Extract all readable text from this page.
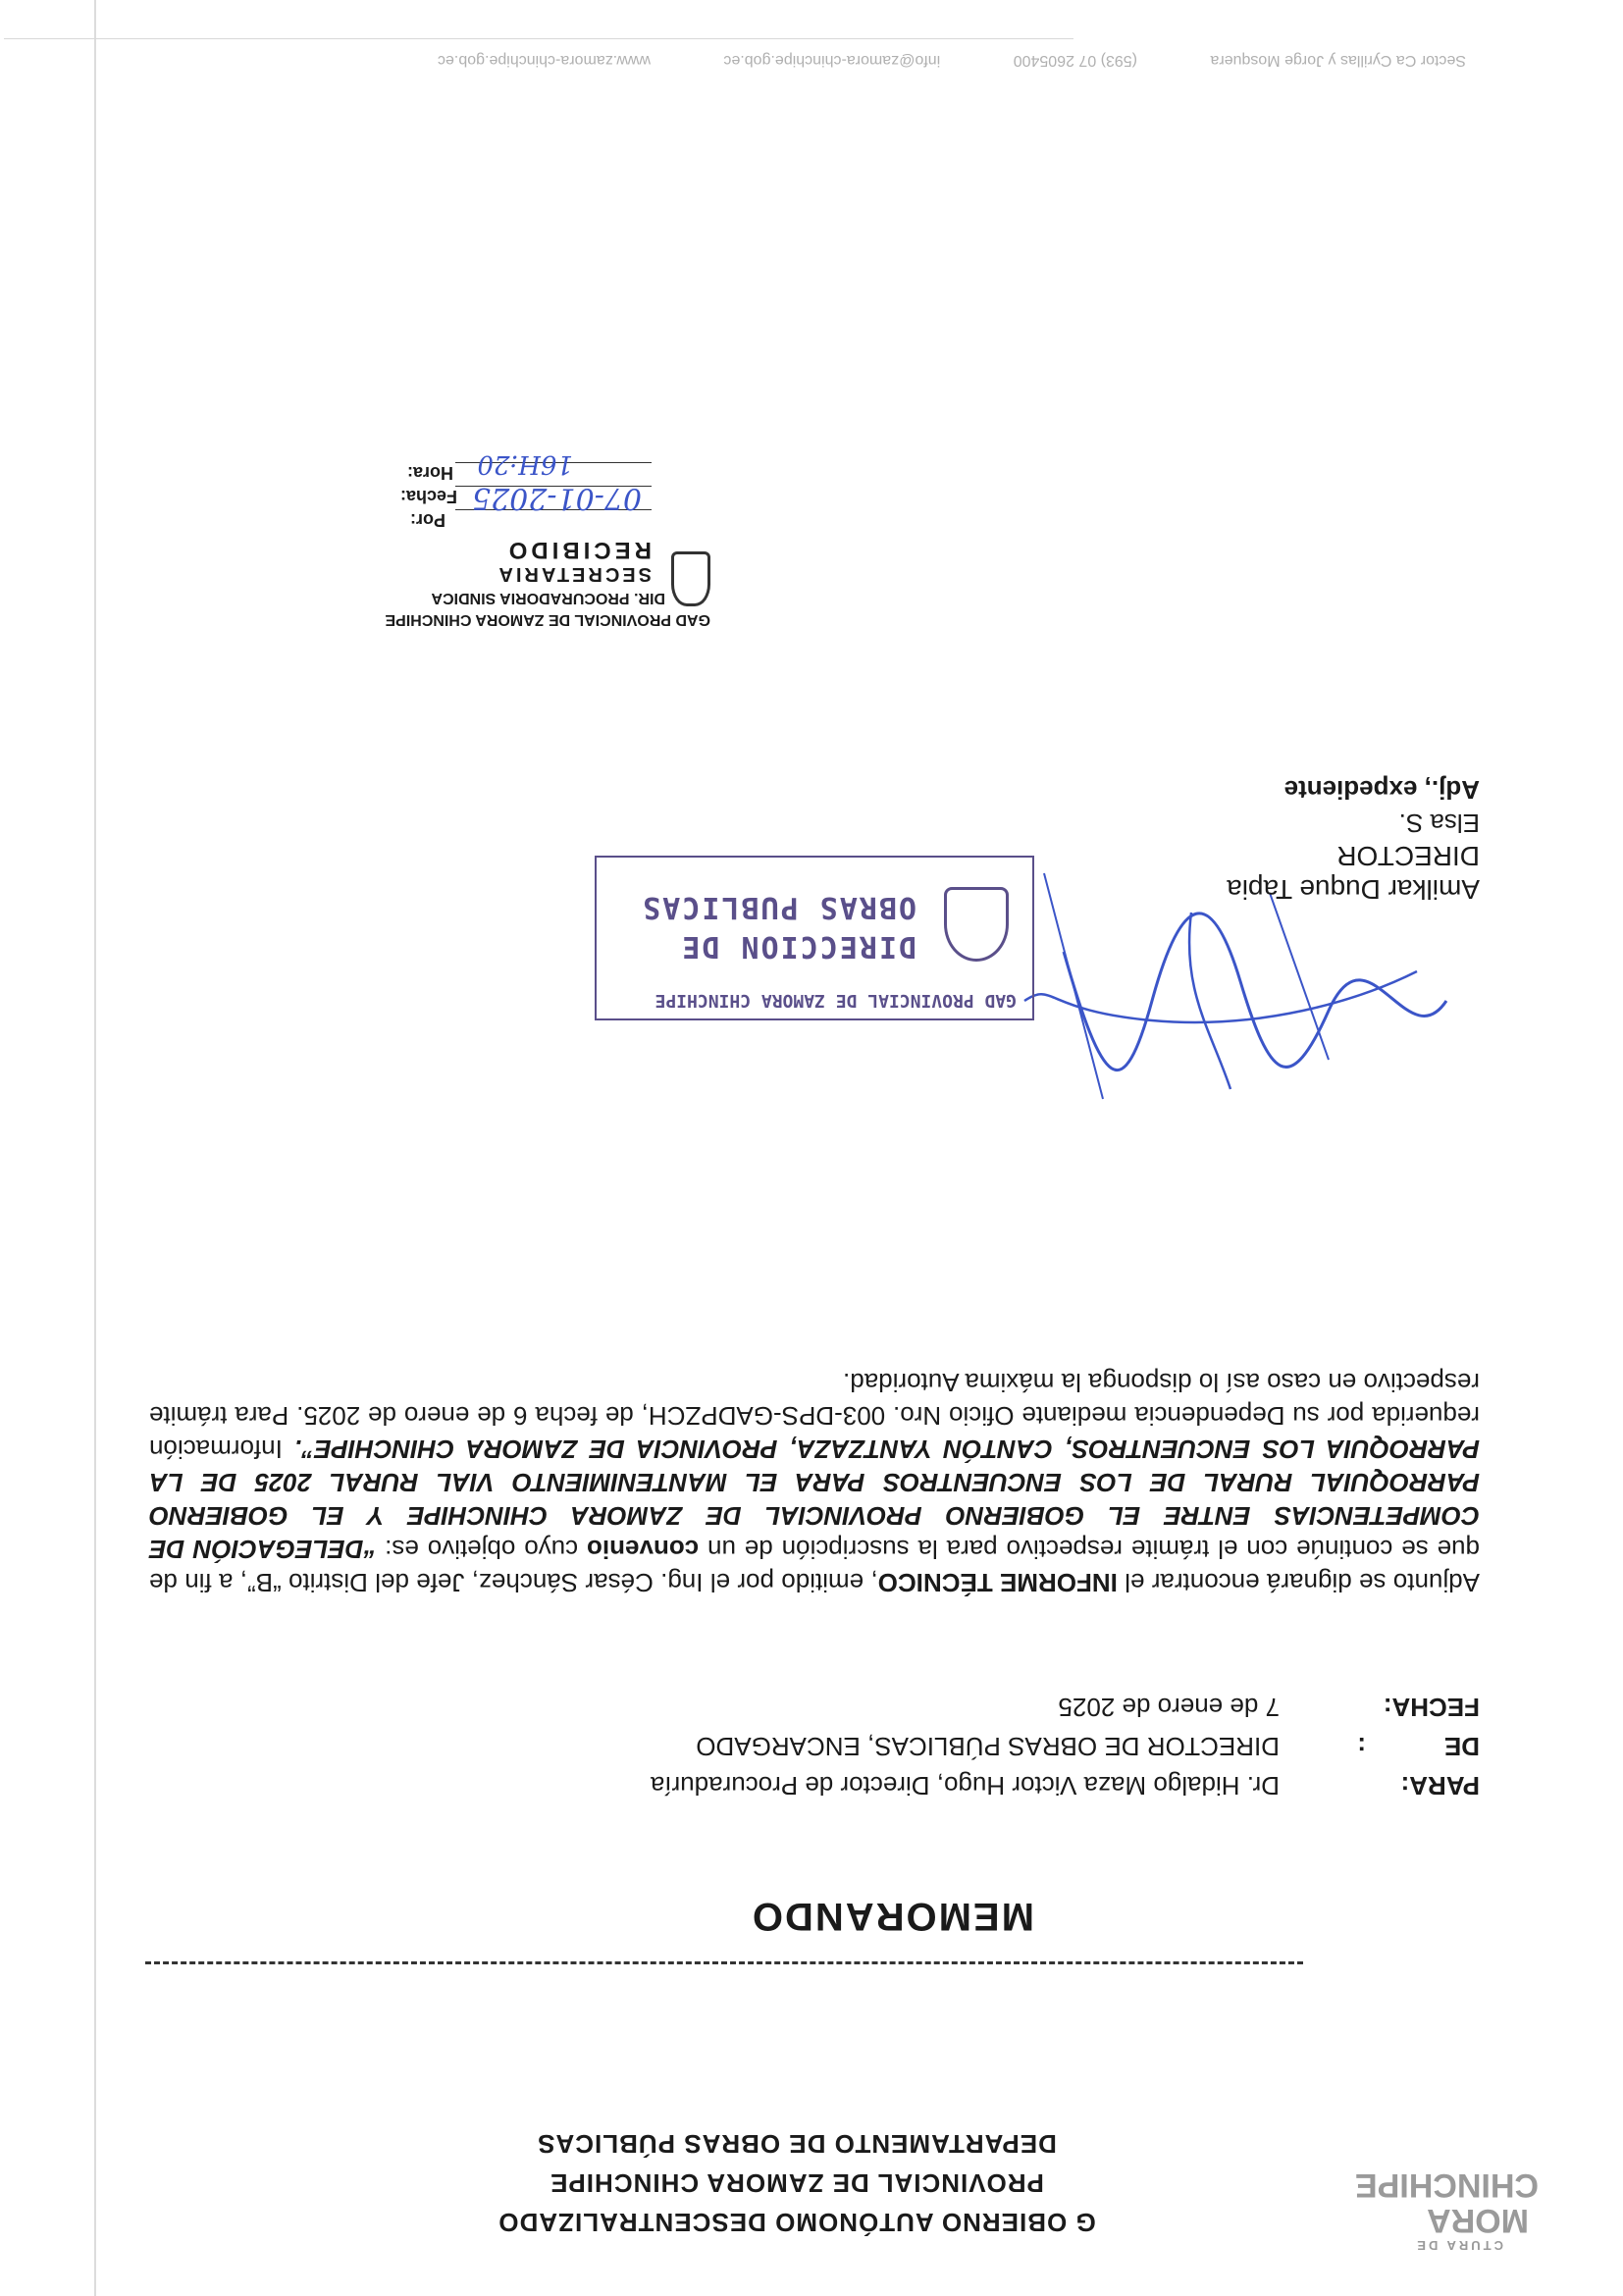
CTURA DE
MORA
CHINCHIPE
G OBIERNO AUTÓNOMO DESCENTRALIZADO
PROVINCIAL DE ZAMORA CHINCHIPE
DEPARTAMENTO DE OBRAS PÚBLICAS
MEMORANDO
PARA:
Dr. Hidalgo Maza Victor Hugo, Director de Procuraduría
DE
:
DIRECTOR DE OBRAS PÚBLICAS, ENCARGADO
FECHA:
7 de enero de 2025
Adjunto se dignará encontrar el INFORME TÉCNICO, emitido por el Ing. César Sánchez, Jefe del Distrito “B”, a fin de que se continúe con el trámite respectivo para la suscripción de un convenio cuyo objetivo es: “DELEGACIÓN DE COMPETENCIAS ENTRE EL GOBIERNO PROVINCIAL DE ZAMORA CHINCHIPE Y EL GOBIERNO PARROQUIAL RURAL DE LOS ENCUENTROS PARA EL MANTENIMIENTO VIAL RURAL 2025 DE LA PARROQUIA LOS ENCUENTROS, CANTÓN YANTZAZA, PROVINCIA DE ZAMORA CHINCHIPE”. Información requerida por su Dependencia mediante Oficio Nro. 003-DPS-GADPZCH, de fecha 6 de enero de 2025. Para trámite respectivo en caso así lo disponga la máxima Autoridad.
Amilkar Duque Tapia
DIRECTOR
Elsa S.
Adj., expediente
GAD PROVINCIAL DE ZAMORA CHINCHIPE
DIRECCION DE
OBRAS PUBLICAS
GAD PROVINCIAL DE ZAMORA CHINCHIPE
DIR. PROCURADORIA SINDICA
SECRETARIA
RECIBIDO
Por:
Fecha:
Hora:
07-01-2025
16H:20
Sector Ca Cyrillas y Jorge Mosquera (593) 07 2605400 info@zamora-chinchipe.gob.ec www.zamora-chinchipe.gob.ec
